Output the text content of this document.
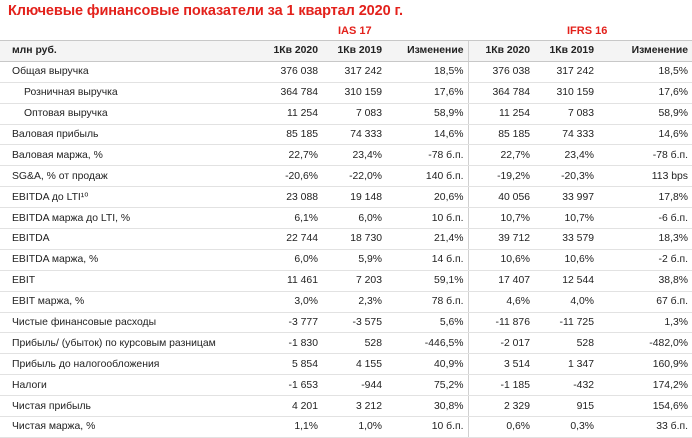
Ключевые финансовые показатели за 1 квартал 2020 г.
IAS 17	IFRS 16
млн руб.	1Кв 2020	1Кв 2019	Изменение	1Кв 2020	1Кв 2019	Изменение
Общая выручка	376 038	317 242	18,5%	376 038	317 242	18,5%
Розничная выручка	364 784	310 159	17,6%	364 784	310 159	17,6%
Оптовая выручка	11 254	7 083	58,9%	11 254	7 083	58,9%
Валовая прибыль	85 185	74 333	14,6%	85 185	74 333	14,6%
Валовая маржа, %	22,7%	23,4%	-78 б.п.	22,7%	23,4%	-78 б.п.
SG&A, % от продаж	-20,6%	-22,0%	140 б.п.	-19,2%	-20,3%	113 bps
EBITDA до LTI¹⁰	23 088	19 148	20,6%	40 056	33 997	17,8%
EBITDA маржа до LTI, %	6,1%	6,0%	10 б.п.	10,7%	10,7%	-6 б.п.
EBITDA	22 744	18 730	21,4%	39 712	33 579	18,3%
EBITDA маржа, %	6,0%	5,9%	14 б.п.	10,6%	10,6%	-2 б.п.
EBIT	11 461	7 203	59,1%	17 407	12 544	38,8%
EBIT маржа, %	3,0%	2,3%	78 б.п.	4,6%	4,0%	67 б.п.
Чистые финансовые расходы	-3 777	-3 575	5,6%	-11 876	-11 725	1,3%
Прибыль/ (убыток) по курсовым разницам	-1 830	528	-446,5%	-2 017	528	-482,0%
Прибыль до налогообложения	5 854	4 155	40,9%	3 514	1 347	160,9%
Налоги	-1 653	-944	75,2%	-1 185	-432	174,2%
Чистая прибыль	4 201	3 212	30,8%	2 329	915	154,6%
Чистая маржа, %	1,1%	1,0%	10 б.п.	0,6%	0,3%	33 б.п.
